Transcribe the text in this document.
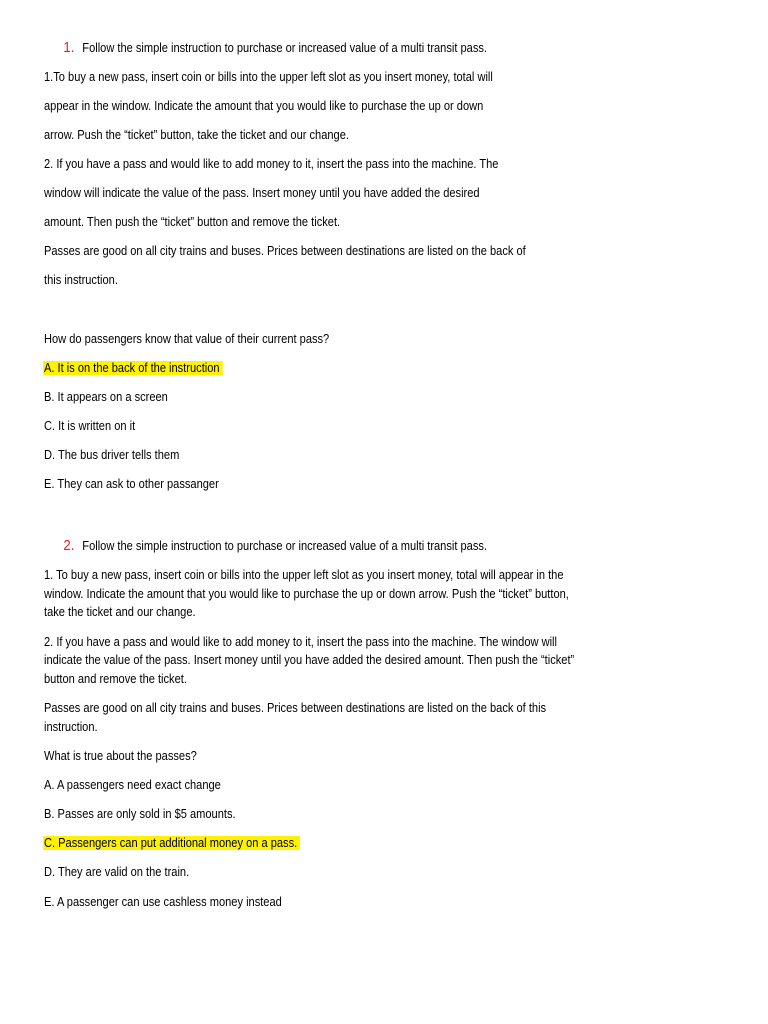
1. Follow the simple instruction to purchase or increased value of a multi transit pass.

1.To buy a new pass, insert coin or bills into the upper left slot as you insert money, total will

appear in the window. Indicate the amount that you would like to purchase the up or down

arrow. Push the “ticket” button, take the ticket and our change.

2. If you have a pass and would like to add money to it, insert the pass into the machine. The

window will indicate the value of the pass. Insert money until you have added the desired

amount. Then push the “ticket” button and remove the ticket.

Passes are good on all city trains and buses. Prices between destinations are listed on the back of

this instruction.

How do passengers know that value of their current pass?

A. It is on the back of the instruction

B. It appears on a screen

C. It is written on it

D. The bus driver tells them

E. They can ask to other passanger

2. Follow the simple instruction to purchase or increased value of a multi transit pass.

1. To buy a new pass, insert coin or bills into the upper left slot as you insert money, total will appear in the

window. Indicate the amount that you would like to purchase the up or down arrow. Push the “ticket” button,

take the ticket and our change.

2. If you have a pass and would like to add money to it, insert the pass into the machine. The window will

indicate the value of the pass. Insert money until you have added the desired amount. Then push the “ticket”

button and remove the ticket.

Passes are good on all city trains and buses. Prices between destinations are listed on the back of this

instruction.

What is true about the passes?

A. A passengers need exact change

B. Passes are only sold in $5 amounts.

C. Passengers can put additional money on a pass.

D. They are valid on the train.

E. A passenger can use cashless money instead
